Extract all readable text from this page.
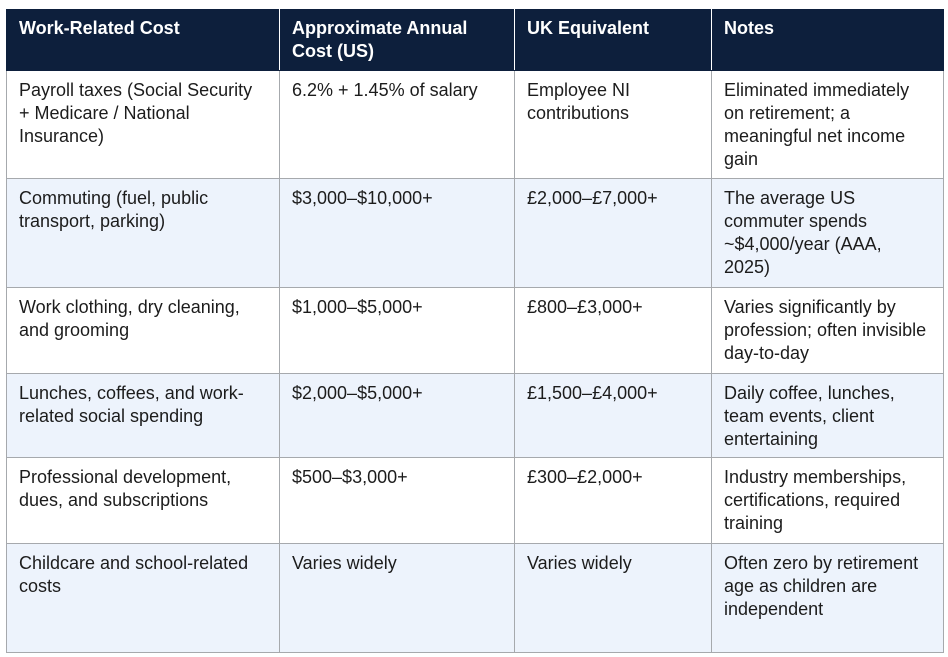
Work-Related Cost	Approximate Annual Cost (US)	UK Equivalent	Notes
Payroll taxes (Social Security + Medicare / National Insurance)	6.2% + 1.45% of salary	Employee NI contributions	Eliminated immediately on retirement; a meaningful net income gain
Commuting (fuel, public transport, parking)	$3,000–$10,000+	£2,000–£7,000+	The average US commuter spends ~$4,000/year (AAA, 2025)
Work clothing, dry cleaning, and grooming	$1,000–$5,000+	£800–£3,000+	Varies significantly by profession; often invisible day-to-day
Lunches, coffees, and work-related social spending	$2,000–$5,000+	£1,500–£4,000+	Daily coffee, lunches, team events, client entertaining
Professional development, dues, and subscriptions	$500–$3,000+	£300–£2,000+	Industry memberships, certifications, required training
Childcare and school-related costs	Varies widely	Varies widely	Often zero by retirement age as children are independent
